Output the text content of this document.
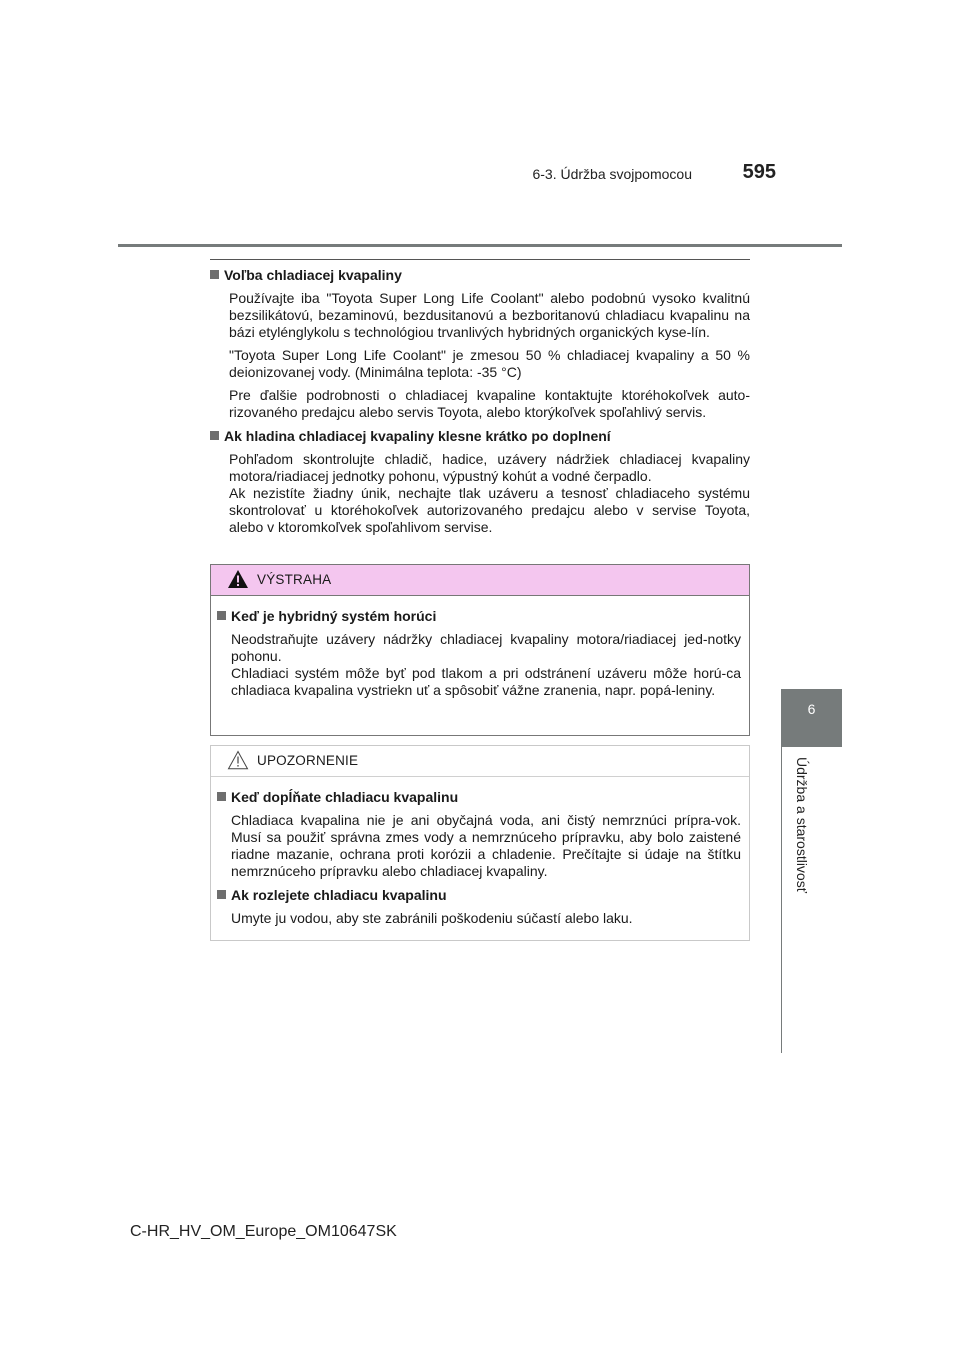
6-3. Údržba svojpomocou	595
6
Údržba a starostlivosť
Voľba chladiacej kvapaliny

Používajte iba "Toyota Super Long Life Coolant" alebo podobnú vysoko kvalitnú bezsilikátovú, bezaminovú, bezdusitanovú a bezboritanovú chladiacu kvapalinu na bázi etylénglykolu s technológiou trvanlivých hybridných organických kyse-lín.

"Toyota Super Long Life Coolant" je zmesou 50 % chladiacej kvapaliny a 50 % deionizovanej vody. (Minimálna teplota: -35 °C)

Pre ďalšie podrobnosti o chladiacej kvapaline kontaktujte ktoréhokoľvek auto-rizovaného predajcu alebo servis Toyota, alebo ktorýkoľvek spoľahlivý servis.

Ak hladina chladiacej kvapaliny klesne krátko po doplnení

Pohľadom skontrolujte chladič, hadice, uzávery nádržiek chladiacej kvapaliny motora/riadiacej jednotky pohonu, výpustný kohút a vodné čerpadlo.

Ak nezistíte žiadny únik, nechajte tlak uzáveru a tesnosť chladiaceho systému skontrolovať u ktoréhokoľvek autorizovaného predajcu alebo v servise Toyota, alebo v ktoromkoľvek spoľahlivom servise.

VÝSTRAHA
Keď je hybridný systém horúci

Neodstraňujte uzávery nádržky chladiacej kvapaliny motora/riadiacej jed-notky pohonu.

Chladiaci systém môže byť pod tlakom a pri odstránení uzáveru môže horú-ca chladiaca kvapalina vystriekn uť a spôsobiť vážne zranenia, napr. popá-leniny.

UPOZORNENIE
Keď dopĺňate chladiacu kvapalinu

Chladiaca kvapalina nie je ani obyčajná voda, ani čistý nemrznúci prípra-vok. Musí sa použiť správna zmes vody a nemrznúceho prípravku, aby bolo zaistené riadne mazanie, ochrana proti korózii a chladenie. Prečítajte si údaje na štítku nemrznúceho prípravku alebo chladiacej kvapaliny.

Ak rozlejete chladiacu kvapalinu

Umyte ju vodou, aby ste zabránili poškodeniu súčastí alebo laku.

C-HR_HV_OM_Europe_OM10647SK
